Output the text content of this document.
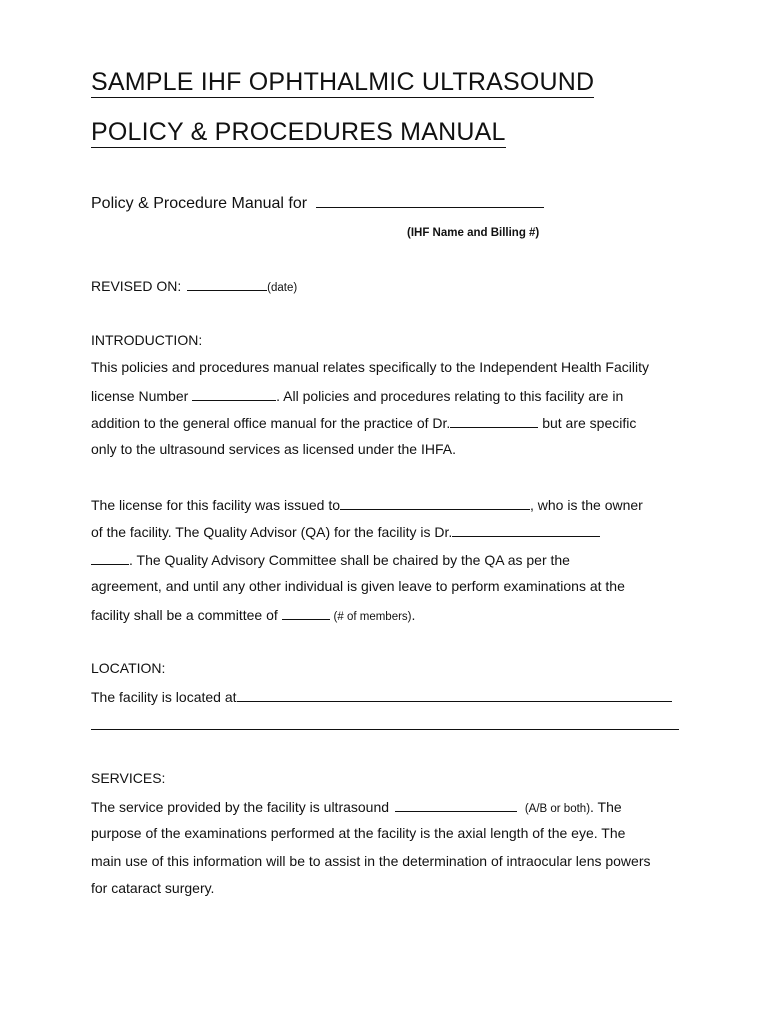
SAMPLE IHF OPHTHALMIC ULTRASOUND
POLICY & PROCEDURES MANUAL
Policy & Procedure Manual for
(IHF Name and Billing #)
REVISED ON:	(date)
INTRODUCTION:
This policies and procedures manual relates specifically to the Independent Health Facility
license Number	. All policies and procedures relating to this facility are in
addition to the general office manual for the practice of Dr.	but are specific
only to the ultrasound services as licensed under the IHFA.
The license for this facility was issued to	, who is the owner
of the facility. The Quality Advisor (QA) for the facility is Dr.
. The Quality Advisory Committee shall be chaired by the QA as per the
agreement, and until any other individual is given leave to perform examinations at the
facility shall be a committee of	(# of members).
LOCATION:
The facility is located at
SERVICES:
The service provided by the facility is ultrasound	(A/B or both). The
purpose of the examinations performed at the facility is the axial length of the eye. The
main use of this information will be to assist in the determination of intraocular lens powers
for cataract surgery.
